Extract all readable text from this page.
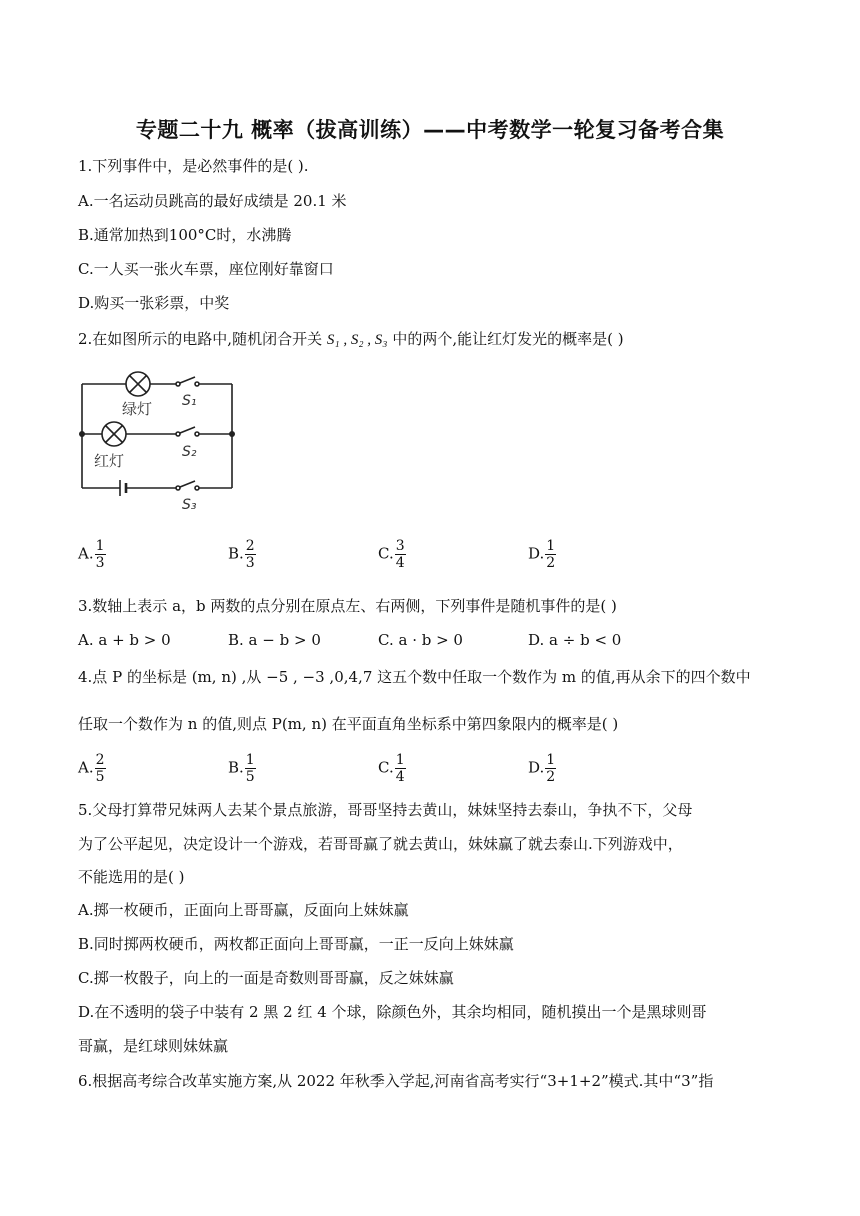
专题二十九 概率（拔高训练）——中考数学一轮复习备考合集
1.下列事件中，是必然事件的是( ).
A.一名运动员跳高的最好成绩是 20.1 米
B.通常加热到100°C时，水沸腾
C.一人买一张火车票，座位刚好靠窗口
D.购买一张彩票，中奖
2.在如图所示的电路中,随机闭合开关 S₁ , S₂ , S₃ 中的两个,能让红灯发光的概率是( )
绿灯
红灯
S₁
S₂
S₃
A. $\frac{1}{3}$	B. $\frac{2}{3}$	C. $\frac{3}{4}$	D. $\frac{1}{2}$
3.数轴上表示 a，b 两数的点分别在原点左、右两侧，下列事件是随机事件的是( )
A. a + b > 0	B. a − b > 0	C. a · b > 0	D. a ÷ b < 0
4.点 P 的坐标是 (m, n) ,从 −5 , −3 ,0,4,7 这五个数中任取一个数作为 m 的值,再从余下的四个数中
任取一个数作为 n 的值,则点 P(m, n) 在平面直角坐标系中第四象限内的概率是( )
A. $\frac{2}{5}$	B. $\frac{1}{5}$	C. $\frac{1}{4}$	D. $\frac{1}{2}$
5.父母打算带兄妹两人去某个景点旅游，哥哥坚持去黄山，妹妹坚持去泰山，争执不下，父母
为了公平起见，决定设计一个游戏，若哥哥赢了就去黄山，妹妹赢了就去泰山.下列游戏中，
不能选用的是( )
A.掷一枚硬币，正面向上哥哥赢，反面向上妹妹赢
B.同时掷两枚硬币，两枚都正面向上哥哥赢，一正一反向上妹妹赢
C.掷一枚骰子，向上的一面是奇数则哥哥赢，反之妹妹赢
D.在不透明的袋子中装有 2 黑 2 红 4 个球，除颜色外，其余均相同，随机摸出一个是黑球则哥
哥赢，是红球则妹妹赢
6.根据高考综合改革实施方案,从 2022 年秋季入学起,河南省高考实行“3+1+2”模式.其中“3”指
